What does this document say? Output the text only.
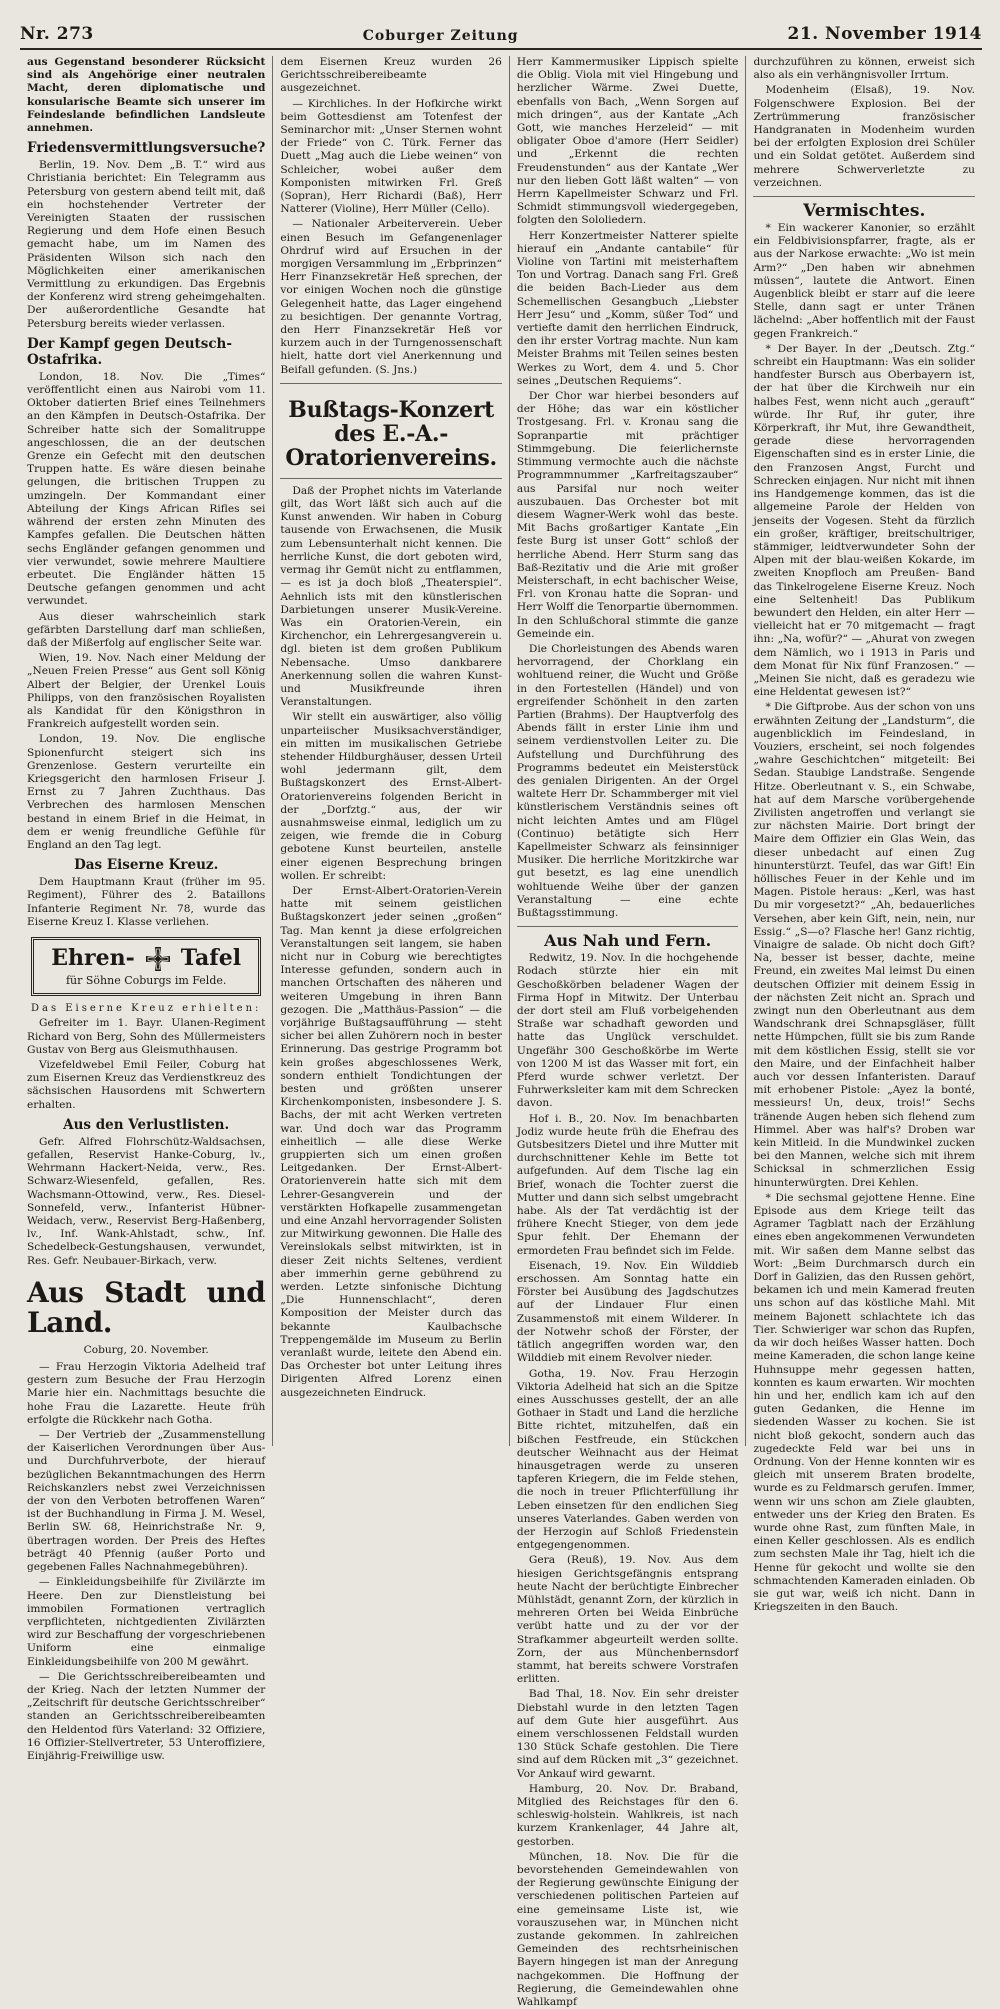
Nr. 273	Coburger Zeitung	21. November 1914

aus Gegenstand besonderer Rücksicht sind als Angehörige einer neutralen Macht, deren diplomatische und konsularische Beamte sich unserer im Feindeslande befindlichen Landsleute annehmen.

Friedensvermittlungsversuche?

Berlin, 19. Nov. Dem „B. T.“ wird aus Christiania berichtet: Ein Telegramm aus Petersburg von gestern abend teilt mit, daß ein hochstehender Vertreter der Vereinigten Staaten der russischen Regierung und dem Hofe einen Besuch gemacht habe, um im Namen des Präsidenten Wilson sich nach den Möglichkeiten einer amerikanischen Vermittlung zu erkundigen. Das Ergebnis der Konferenz wird streng geheimgehalten. Der außerordentliche Gesandte hat Petersburg bereits wieder verlassen.

Der Kampf gegen Deutsch-Ostafrika.

London, 18. Nov. Die „Times“ veröffentlicht einen aus Nairobi vom 11. Oktober datierten Brief eines Teilnehmers an den Kämpfen in Deutsch-Ostafrika. Der Schreiber hatte sich der Somalitruppe angeschlossen, die an der deutschen Grenze ein Gefecht mit den deutschen Truppen hatte. Es wäre diesen beinahe gelungen, die britischen Truppen zu umzingeln. Der Kommandant einer Abteilung der Kings African Rifles sei während der ersten zehn Minuten des Kampfes gefallen. Die Deutschen hätten sechs Engländer gefangen genommen und vier verwundet, sowie mehrere Maultiere erbeutet. Die Engländer hätten 15 Deutsche gefangen genommen und acht verwundet.

Aus dieser wahrscheinlich stark gefärbten Darstellung darf man schließen, daß der Mißerfolg auf englischer Seite war.

Wien, 19. Nov. Nach einer Meldung der „Neuen Freien Presse“ aus Gent soll König Albert der Belgier, der Urenkel Louis Philipps, von den französischen Royalisten als Kandidat für den Königsthron in Frankreich aufgestellt worden sein.

London, 19. Nov. Die englische Spionenfurcht steigert sich ins Grenzenlose. Gestern verurteilte ein Kriegsgericht den harmlosen Friseur J. Ernst zu 7 Jahren Zuchthaus. Das Verbrechen des harmlosen Menschen bestand in einem Brief in die Heimat, in dem er wenig freundliche Gefühle für England an den Tag legt.

Das Eiserne Kreuz.

Dem Hauptmann Kraut (früher im 95. Regiment), Führer des 2. Bataillons Infanterie Regiment Nr. 78, wurde das Eiserne Kreuz I. Klasse verliehen.

Ehren- Tafel
für Söhne Coburgs im Felde.
Das Eiserne Kreuz erhielten:

Gefreiter im 1. Bayr. Ulanen-Regiment Richard von Berg, Sohn des Müllermeisters Gustav von Berg aus Gleismuthhausen.

Vizefeldwebel Emil Feiler, Coburg hat zum Eisernen Kreuz das Verdienstkreuz des sächsischen Hausordens mit Schwertern erhalten.

Aus den Verlustlisten.

Gefr. Alfred Flohrschütz-Waldsachsen, gefallen, Reservist Hanke-Coburg, lv., Wehrmann Hackert-Neida, verw., Res. Schwarz-Wiesenfeld, gefallen, Res. Wachsmann-Ottowind, verw., Res. Diesel-Sonnefeld, verw., Infanterist Hübner-Weidach, verw., Reservist Berg-Haßenberg, lv., Inf. Wank-Ahlstadt, schw., Inf. Schedelbeck-Gestungshausen, verwundet, Res. Gefr. Neubauer-Birkach, verw.

Aus Stadt und Land.
Coburg, 20. November.

— Frau Herzogin Viktoria Adelheid traf gestern zum Besuche der Frau Herzogin Marie hier ein. Nachmittags besuchte die hohe Frau die Lazarette. Heute früh erfolgte die Rückkehr nach Gotha.

— Der Vertrieb der „Zusammenstellung der Kaiserlichen Verordnungen über Aus- und Durchfuhrverbote, der hierauf bezüglichen Bekanntmachungen des Herrn Reichskanzlers nebst zwei Verzeichnissen der von den Verboten betroffenen Waren“ ist der Buchhandlung in Firma J. M. Wesel, Berlin SW. 68, Heinrichstraße Nr. 9, übertragen worden. Der Preis des Heftes beträgt 40 Pfennig (außer Porto und gegebenen Falles Nachnahmegebühren).

— Einkleidungsbeihilfe für Zivilärzte im Heere. Den zur Dienstleistung bei immobilen Formationen vertraglich verpflichteten, nichtgedienten Zivilärzten wird zur Beschaffung der vorgeschriebenen Uniform eine einmalige Einkleidungsbeihilfe von 200 M gewährt.

— Die Gerichtsschreibereibeamten und der Krieg. Nach der letzten Nummer der „Zeitschrift für deutsche Gerichtsschreiber“ standen an Gerichtsschreibereibeamten den Heldentod fürs Vaterland: 32 Offiziere, 16 Offizier-Stellvertreter, 53 Unteroffiziere, Einjährig-Freiwillige usw.

dem Eisernen Kreuz wurden 26 Gerichtsschreibereibeamte ausgezeichnet.

— Kirchliches. In der Hofkirche wirkt beim Gottesdienst am Totenfest der Seminarchor mit: „Unser Sternen wohnt der Friede“ von C. Türk. Ferner das Duett „Mag auch die Liebe weinen“ von Schleicher, wobei außer dem Komponisten mitwirken Frl. Greß (Sopran), Herr Richardi (Baß), Herr Natterer (Violine), Herr Müller (Cello).

— Nationaler Arbeiterverein. Ueber einen Besuch im Gefangenenlager Ohrdruf wird auf Ersuchen in der morgigen Versammlung im „Erbprinzen“ Herr Finanzsekretär Heß sprechen, der vor einigen Wochen noch die günstige Gelegenheit hatte, das Lager eingehend zu besichtigen. Der genannte Vortrag, den Herr Finanzsekretär Heß vor kurzem auch in der Turngenossenschaft hielt, hatte dort viel Anerkennung und Beifall gefunden. (S. Jns.)

Bußtags-Konzert des E.-A.-Oratorienvereins.

Daß der Prophet nichts im Vaterlande gilt, das Wort läßt sich auch auf die Kunst anwenden. Wir haben in Coburg tausende von Erwachsenen, die Musik zum Lebensunterhalt nicht kennen. Die herrliche Kunst, die dort geboten wird, vermag ihr Gemüt nicht zu entflammen, — es ist ja doch bloß „Theaterspiel“. Aehnlich ists mit den künstlerischen Darbietungen unserer Musik-Vereine. Was ein Oratorien-Verein, ein Kirchenchor, ein Lehrergesangverein u. dgl. bieten ist dem großen Publikum Nebensache. Umso dankbarere Anerkennung sollen die wahren Kunst- und Musikfreunde ihren Veranstaltungen.

Wir stellt ein auswärtiger, also völlig unparteiischer Musiksachverständiger, ein mitten im musikalischen Getriebe stehender Hildburghäuser, dessen Urteil wohl jedermann gilt, dem Bußtagskonzert des Ernst-Albert-Oratorienvereins folgenden Bericht in der „Dorfztg.“ aus, der wir ausnahmsweise einmal, lediglich um zu zeigen, wie fremde die in Coburg gebotene Kunst beurteilen, anstelle einer eigenen Besprechung bringen wollen. Er schreibt:

Der Ernst-Albert-Oratorien-Verein hatte mit seinem geistlichen Bußtagskonzert jeder seinen „großen“ Tag. Man kennt ja diese erfolgreichen Veranstaltungen seit langem, sie haben nicht nur in Coburg wie berechtigtes Interesse gefunden, sondern auch in manchen Ortschaften des näheren und weiteren Umgebung in ihren Bann gezogen. Die „Matthäus-Passion“ — die vorjährige Bußtagsaufführung — steht sicher bei allen Zuhörern noch in bester Erinnerung. Das gestrige Programm bot kein großes abgeschlossenes Werk, sondern enthielt Tondichtungen der besten und größten unserer Kirchenkomponisten, insbesondere J. S. Bachs, der mit acht Werken vertreten war. Und doch war das Programm einheitlich — alle diese Werke gruppierten sich um einen großen Leitgedanken. Der Ernst-Albert-Oratorienverein hatte sich mit dem Lehrer-Gesangverein und der verstärkten Hofkapelle zusammengetan und eine Anzahl hervorragender Solisten zur Mitwirkung gewonnen. Die Halle des Vereinslokals selbst mitwirkten, ist in dieser Zeit nichts Seltenes, verdient aber immerhin gerne gebührend zu werden. Letzte sinfonische Dichtung „Die Hunnenschlacht“, deren Komposition der Meister durch das bekannte Kaulbachsche Treppengemälde im Museum zu Berlin veranlaßt wurde, leitete den Abend ein. Das Orchester bot unter Leitung ihres Dirigenten Alfred Lorenz einen ausgezeichneten Eindruck.

Herr Kammermusiker Lippisch spielte die Oblig. Viola mit viel Hingebung und herzlicher Wärme. Zwei Duette, ebenfalls von Bach, „Wenn Sorgen auf mich dringen“, aus der Kantate „Ach Gott, wie manches Herzeleid“ — mit obligater Oboe d'amore (Herr Seidler) und „Erkennt die rechten Freudenstunden“ aus der Kantate „Wer nur den lieben Gott läßt walten“ — von Herrn Kapellmeister Schwarz und Frl. Schmidt stimmungsvoll wiedergegeben, folgten den Sololiedern.

Herr Konzertmeister Natterer spielte hierauf ein „Andante cantabile“ für Violine von Tartini mit meisterhaftem Ton und Vortrag. Danach sang Frl. Greß die beiden Bach-Lieder aus dem Schemellischen Gesangbuch „Liebster Herr Jesu“ und „Komm, süßer Tod“ und vertiefte damit den herrlichen Eindruck, den ihr erster Vortrag machte. Nun kam Meister Brahms mit Teilen seines besten Werkes zu Wort, dem 4. und 5. Chor seines „Deutschen Requiems“.

Der Chor war hierbei besonders auf der Höhe; das war ein köstlicher Trostgesang. Frl. v. Kronau sang die Sopranpartie mit prächtiger Stimmgebung. Die feierlichernste Stimmung vermochte auch die nächste Programmnummer „Karfreitagszauber“ aus Parsifal nur noch weiter auszubauen. Das Orchester bot mit diesem Wagner-Werk wohl das beste. Mit Bachs großartiger Kantate „Ein feste Burg ist unser Gott“ schloß der herrliche Abend. Herr Sturm sang das Baß-Rezitativ und die Arie mit großer Meisterschaft, in echt bachischer Weise, Frl. von Kronau hatte die Sopran- und Herr Wolff die Tenorpartie übernommen. In den Schlußchoral stimmte die ganze Gemeinde ein.

Die Chorleistungen des Abends waren hervorragend, der Chorklang ein wohltuend reiner, die Wucht und Größe in den Fortestellen (Händel) und von ergreifender Schönheit in den zarten Partien (Brahms). Der Hauptverfolg des Abends fällt in erster Linie ihm und seinem verdienstvollen Leiter zu. Die Aufstellung und Durchführung des Programms bedeutet ein Meisterstück des genialen Dirigenten. An der Orgel waltete Herr Dr. Schammberger mit viel künstlerischem Verständnis seines oft nicht leichten Amtes und am Flügel (Continuo) betätigte sich Herr Kapellmeister Schwarz als feinsinniger Musiker. Die herrliche Moritzkirche war gut besetzt, es lag eine unendlich wohltuende Weihe über der ganzen Veranstaltung — eine echte Bußtagsstimmung.

Aus Nah und Fern.

Redwitz, 19. Nov. In die hochgehende Rodach stürzte hier ein mit Geschoßkörben beladener Wagen der Firma Hopf in Mitwitz. Der Unterbau der dort steil am Fluß vorbeigehenden Straße war schadhaft geworden und hatte das Unglück verschuldet. Ungefähr 300 Geschoßkörbe im Werte von 1200 M ist das Wasser mit fort, ein Pferd wurde schwer verletzt. Der Fuhrwerksleiter kam mit dem Schrecken davon.

Hof i. B., 20. Nov. Im benachbarten Jodiz wurde heute früh die Ehefrau des Gutsbesitzers Dietel und ihre Mutter mit durchschnittener Kehle im Bette tot aufgefunden. Auf dem Tische lag ein Brief, wonach die Tochter zuerst die Mutter und dann sich selbst umgebracht habe. Als der Tat verdächtig ist der frühere Knecht Stieger, von dem jede Spur fehlt. Der Ehemann der ermordeten Frau befindet sich im Felde.

Eisenach, 19. Nov. Ein Wilddieb erschossen. Am Sonntag hatte ein Förster bei Ausübung des Jagdschutzes auf der Lindauer Flur einen Zusammenstoß mit einem Wilderer. In der Notwehr schoß der Förster, der tätlich angegriffen worden war, den Wilddieb mit einem Revolver nieder.

Gotha, 19. Nov. Frau Herzogin Viktoria Adelheid hat sich an die Spitze eines Ausschusses gestellt, der an alle Gothaer in Stadt und Land die herzliche Bitte richtet, mitzuhelfen, daß ein bißchen Festfreude, ein Stückchen deutscher Weihnacht aus der Heimat hinausgetragen werde zu unseren tapferen Kriegern, die im Felde stehen, die noch in treuer Pflichterfüllung ihr Leben einsetzen für den endlichen Sieg unseres Vaterlandes. Gaben werden von der Herzogin auf Schloß Friedenstein entgegengenommen.

Gera (Reuß), 19. Nov. Aus dem hiesigen Gerichtsgefängnis entsprang heute Nacht der berüchtigte Einbrecher Mühlstädt, genannt Zorn, der kürzlich in mehreren Orten bei Weida Einbrüche verübt hatte und zu der vor der Strafkammer abgeurteilt werden sollte. Zorn, der aus Münchenbernsdorf stammt, hat bereits schwere Vorstrafen erlitten.

Bad Thal, 18. Nov. Ein sehr dreister Diebstahl wurde in den letzten Tagen auf dem Gute hier ausgeführt. Aus einem verschlossenen Feldstall wurden 130 Stück Schafe gestohlen. Die Tiere sind auf dem Rücken mit „3“ gezeichnet. Vor Ankauf wird gewarnt.

Hamburg, 20. Nov. Dr. Braband, Mitglied des Reichstages für den 6. schleswig-holstein. Wahlkreis, ist nach kurzem Krankenlager, 44 Jahre alt, gestorben.

München, 18. Nov. Die für die bevorstehenden Gemeindewahlen von der Regierung gewünschte Einigung der verschiedenen politischen Parteien auf eine gemeinsame Liste ist, wie vorauszusehen war, in München nicht zustande gekommen. In zahlreichen Gemeinden des rechtsrheinischen Bayern hingegen ist man der Anregung nachgekommen. Die Hoffnung der Regierung, die Gemeindewahlen ohne Wahlkampf

durchzuführen zu können, erweist sich also als ein verhängnisvoller Irrtum.

Modenheim (Elsaß), 19. Nov. Folgenschwere Explosion. Bei der Zertrümmerung französischer Handgranaten in Modenheim wurden bei der erfolgten Explosion drei Schüler und ein Soldat getötet. Außerdem sind mehrere Schwerverletzte zu verzeichnen.

Vermischtes.

* Ein wackerer Kanonier, so erzählt ein Feldbivisionspfarrer, fragte, als er aus der Narkose erwachte: „Wo ist mein Arm?“ „Den haben wir abnehmen müssen“, lautete die Antwort. Einen Augenblick bleibt er starr auf die leere Stelle, dann sagt er unter Tränen lächelnd: „Aber hoffentlich mit der Faust gegen Frankreich.“

* Der Bayer. In der „Deutsch. Ztg.“ schreibt ein Hauptmann: Was ein solider handfester Bursch aus Oberbayern ist, der hat über die Kirchweih nur ein halbes Fest, wenn nicht auch „gerauft“ würde. Ihr Ruf, ihr guter, ihre Körperkraft, ihr Mut, ihre Gewandtheit, gerade diese hervorragenden Eigenschaften sind es in erster Linie, die den Franzosen Angst, Furcht und Schrecken einjagen. Nur nicht mit ihnen ins Handgemenge kommen, das ist die allgemeine Parole der Helden von jenseits der Vogesen. Steht da fürzlich ein großer, kräftiger, breitschultriger, stämmiger, leidtverwundeter Sohn der Alpen mit der blau-weißen Kokarde, im zweiten Knopfloch am Preußen- Band das Tinkelrogelene Eiserne Kreuz. Noch eine Seltenheit! Das Publikum bewundert den Helden, ein alter Herr — vielleicht hat er 70 mitgemacht — fragt ihn: „Na, wofür?“ — „Ahurat von zwegen dem Nämlich, wo i 1913 in Paris und dem Monat für Nix fünf Franzosen.“ — „Meinen Sie nicht, daß es geradezu wie eine Heldentat gewesen ist?“

* Die Giftprobe. Aus der schon von uns erwähnten Zeitung der „Landsturm“, die augenblicklich im Feindesland, in Vouziers, erscheint, sei noch folgendes „wahre Geschichtchen“ mitgeteilt: Bei Sedan. Staubige Landstraße. Sengende Hitze. Oberleutnant v. S., ein Schwabe, hat auf dem Marsche vorübergehende Zivilisten angetroffen und verlangt sie zur nächsten Mairie. Dort bringt der Maire dem Offizier ein Glas Wein, das dieser unbedacht auf einen Zug hinunterstürzt. Teufel, das war Gift! Ein höllisches Feuer in der Kehle und im Magen. Pistole heraus: „Kerl, was hast Du mir vorgesetzt?“ „Ah, bedauerliches Versehen, aber kein Gift, nein, nein, nur Essig.“ „S—o? Flasche her! Ganz richtig, Vinaigre de salade. Ob nicht doch Gift? Na, besser ist besser, dachte, meine Freund, ein zweites Mal leimst Du einen deutschen Offizier mit deinem Essig in der nächsten Zeit nicht an. Sprach und zwingt nun den Oberleutnant aus dem Wandschrank drei Schnapsgläser, füllt nette Hümpchen, füllt sie bis zum Rande mit dem köstlichen Essig, stellt sie vor den Maire, und der Einfachheit halber auch vor dessen Infanteristen. Darauf mit erhobener Pistole: „Ayez la bonté, messieurs! Un, deux, trois!“ Sechs tränende Augen heben sich flehend zum Himmel. Aber was half's? Droben war kein Mitleid. In die Mundwinkel zucken bei den Mannen, welche sich mit ihrem Schicksal in schmerzlichen Essig hinunterwürgten. Drei Kehlen.

* Die sechsmal gejottene Henne. Eine Episode aus dem Kriege teilt das Agramer Tagblatt nach der Erzählung eines eben angekommenen Verwundeten mit. Wir saßen dem Manne selbst das Wort: „Beim Durchmarsch durch ein Dorf in Galizien, das den Russen gehört, bekamen ich und mein Kamerad freuten uns schon auf das köstliche Mahl. Mit meinem Bajonett schlachtete ich das Tier. Schwieriger war schon das Rupfen, da wir doch heißes Wasser hatten. Doch meine Kameraden, die schon lange keine Huhnsuppe mehr gegessen hatten, konnten es kaum erwarten. Wir mochten hin und her, endlich kam ich auf den guten Gedanken, die Henne im siedenden Wasser zu kochen. Sie ist nicht bloß gekocht, sondern auch das zugedeckte Feld war bei uns in Ordnung. Von der Henne konnten wir es gleich mit unserem Braten brodelte, wurde es zu Feldmarsch gerufen. Immer, wenn wir uns schon am Ziele glaubten, entweder uns der Krieg den Braten. Es wurde ohne Rast, zum fünften Male, in einen Keller geschlossen. Als es endlich zum sechsten Male ihr Tag, hielt ich die Henne für gekocht und wollte sie den schmachtenden Kameraden einladen. Ob sie gut war, weiß ich nicht. Dann in Kriegszeiten in den Bauch.
